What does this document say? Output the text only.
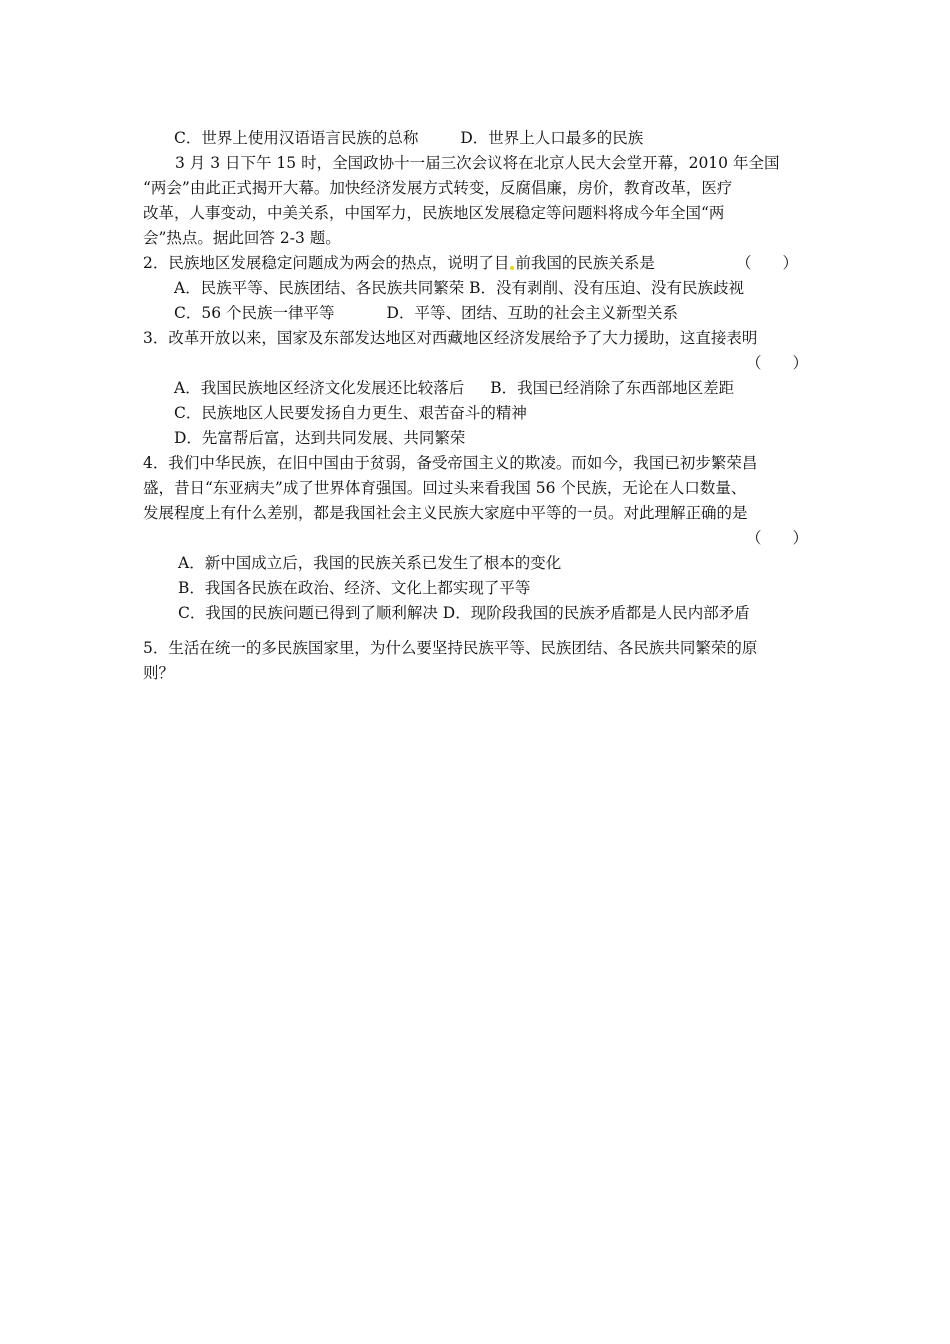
C．世界上使用汉语语言民族的总称	D．世界上人口最多的民族
3 月 3 日下午 15 时，全国政协十一届三次会议将在北京人民大会堂开幕，2010 年全国
“两会”由此正式揭开大幕。加快经济发展方式转变，反腐倡廉，房价，教育改革，医疗
改革，人事变动，中美关系，中国军力，民族地区发展稳定等问题料将成今年全国“两
会”热点。据此回答 2-3 题。
2．民族地区发展稳定问题成为两会的热点，说明了目 前我国的民族关系是	（　　）
A．民族平等、民族团结、各民族共同繁荣 B．没有剥削、没有压迫、没有民族歧视
C．56 个民族一律平等	D．平等、团结、互助的社会主义新型关系
3．改革开放以来，国家及东部发达地区对西藏地区经济发展给予了大力援助，这直接表明
（　　）
A．我国民族地区经济文化发展还比较落后 B．我国已经消除了东西部地区差距
C．民族地区人民要发扬自力更生、艰苦奋斗的精神
D．先富帮后富，达到共同发展、共同繁荣
4．我们中华民族，在旧中国由于贫弱，备受帝国主义的欺凌。而如今，我国已初步繁荣昌
盛，昔日“东亚病夫”成了世界体育强国。回过头来看我国 56 个民族，无论在人口数量、
发展程度上有什么差别，都是我国社会主义民族大家庭中平等的一员。对此理解正确的是
（　　）
A．新中国成立后，我国的民族关系已发生了根本的变化
B．我国各民族在政治、经济、文化上都实现了平等
C．我国的民族问题已得到了顺利解决 D．现阶段我国的民族矛盾都是人民内部矛盾
5．生活在统一的多民族国家里，为什么要坚持民族平等、民族团结、各民族共同繁荣的原
则？
